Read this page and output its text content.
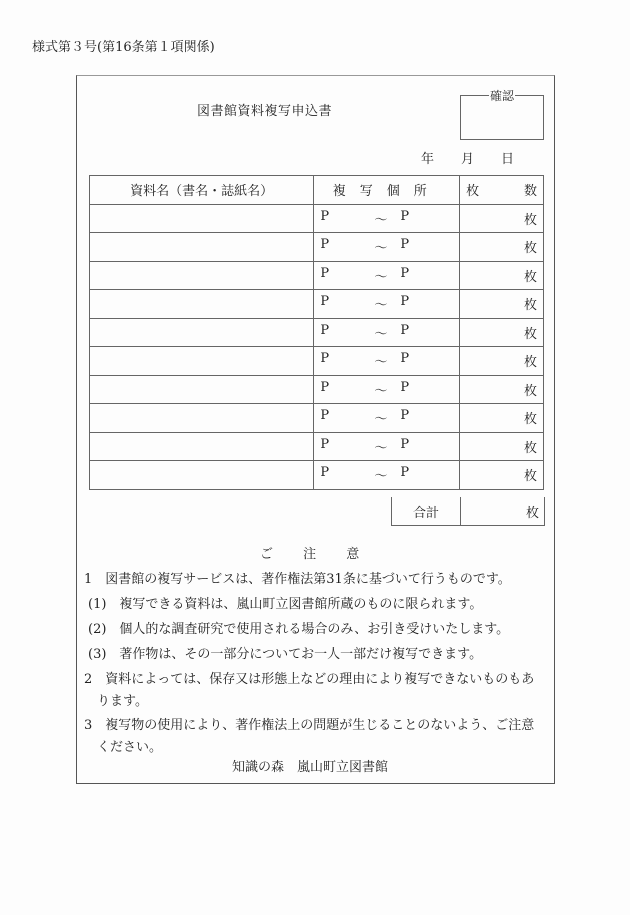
様式第３号(第16条第１項関係)
図書館資料複写申込書
確認
年 月 日
資料名（書名・誌紙名）	複写個所	枚 数

	P ～ P	枚

	P ～ P	枚

	P ～ P	枚

	P ～ P	枚

	P ～ P	枚

	P ～ P	枚

	P ～ P	枚

	P ～ P	枚

	P ～ P	枚

	P ～ P	枚
合計	枚
ご 注 意
1　図書館の複写サービスは、著作権法第31条に基づいて行うものです。
(1)　複写できる資料は、嵐山町立図書館所蔵のものに限られます。
(2)　個人的な調査研究で使用される場合のみ、お引き受けいたします。
(3)　著作物は、その一部分についてお一人一部だけ複写できます。
2　資料によっては、保存又は形態上などの理由により複写できないものもあ
ります。
3　複写物の使用により、著作権法上の問題が生じることのないよう、ご注意
ください。
知識の森　嵐山町立図書館
